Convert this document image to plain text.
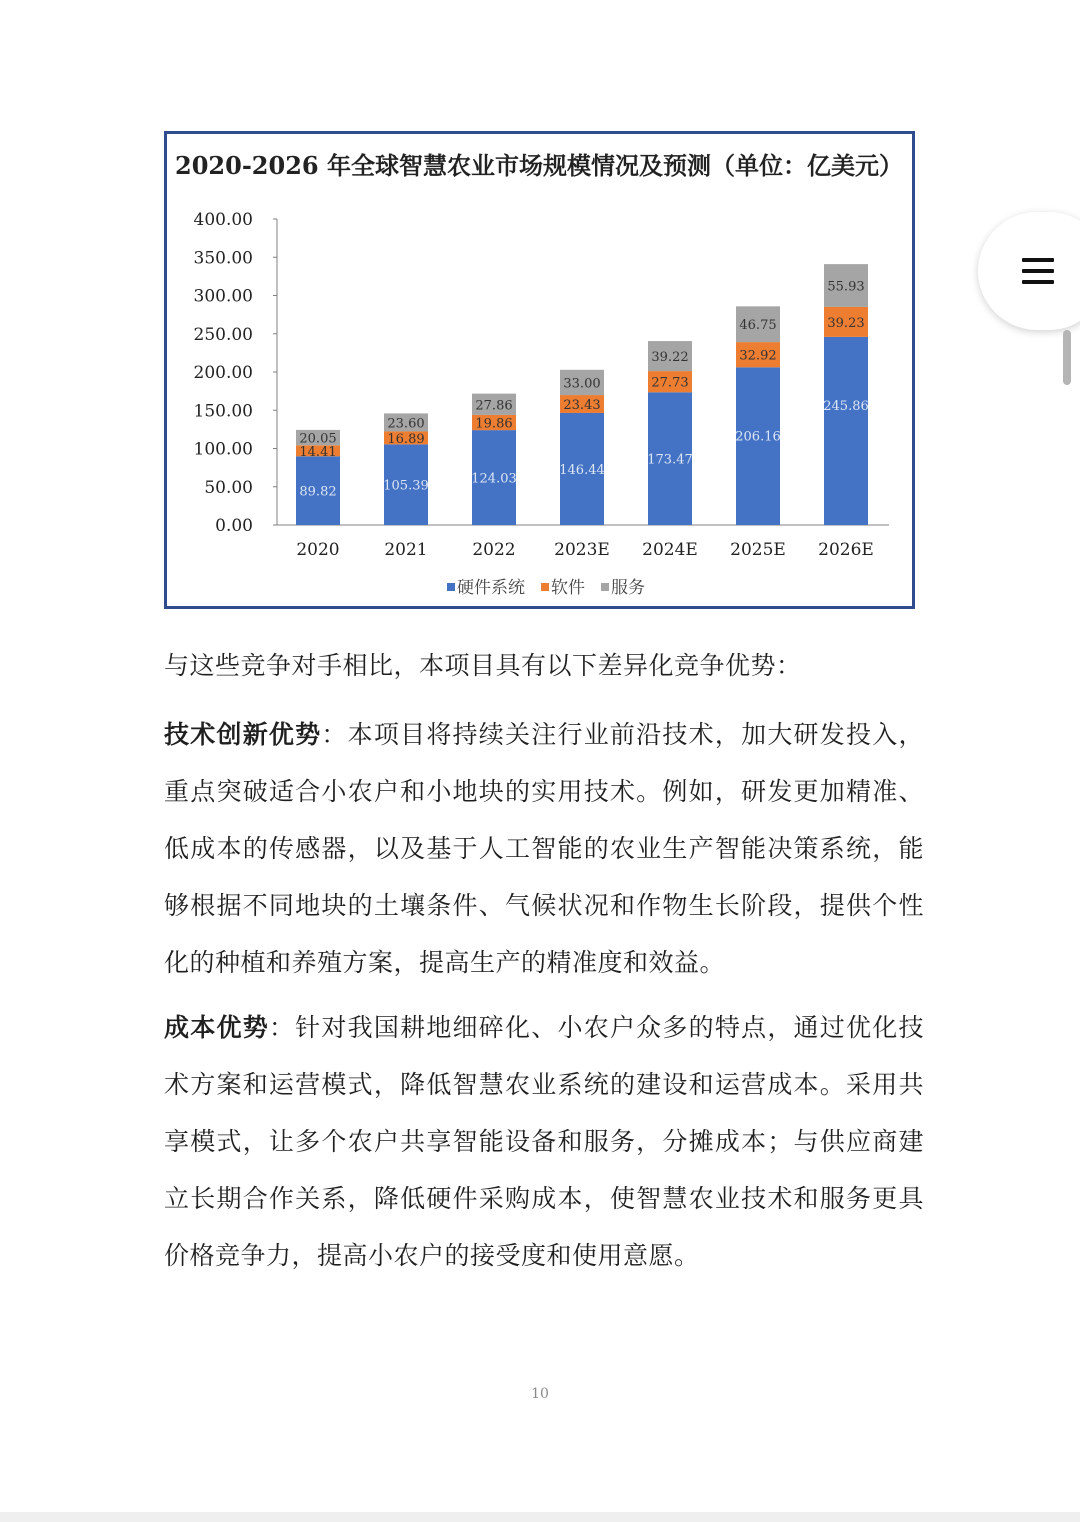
2020-2026 年全球智慧农业市场规模情况及预测（单位：亿美元）
0.00
50.00
100.00
150.00
200.00
250.00
300.00
350.00
400.00
89.82
14.41
20.05
2020
105.39
16.89
23.60
2021
124.03
19.86
27.86
2022
146.44
23.43
33.00
2023E
173.47
27.73
39.22
2024E
206.16
32.92
46.75
2025E
245.86
39.23
55.93
2026E
硬件系统 软件 服务

与这些竞争对手相比，本项目具有以下差异化竞争优势：

技术创新优势：本项目将持续关注行业前沿技术，加大研发投入，重点突破适合小农户和小地块的实用技术。例如，研发更加精准、低成本的传感器，以及基于人工智能的农业生产智能决策系统，能够根据不同地块的土壤条件、气候状况和作物生长阶段，提供个性化的种植和养殖方案，提高生产的精准度和效益。

成本优势：针对我国耕地细碎化、小农户众多的特点，通过优化技术方案和运营模式，降低智慧农业系统的建设和运营成本。采用共享模式，让多个农户共享智能设备和服务，分摊成本；与供应商建立长期合作关系，降低硬件采购成本，使智慧农业技术和服务更具价格竞争力，提高小农户的接受度和使用意愿。

10
